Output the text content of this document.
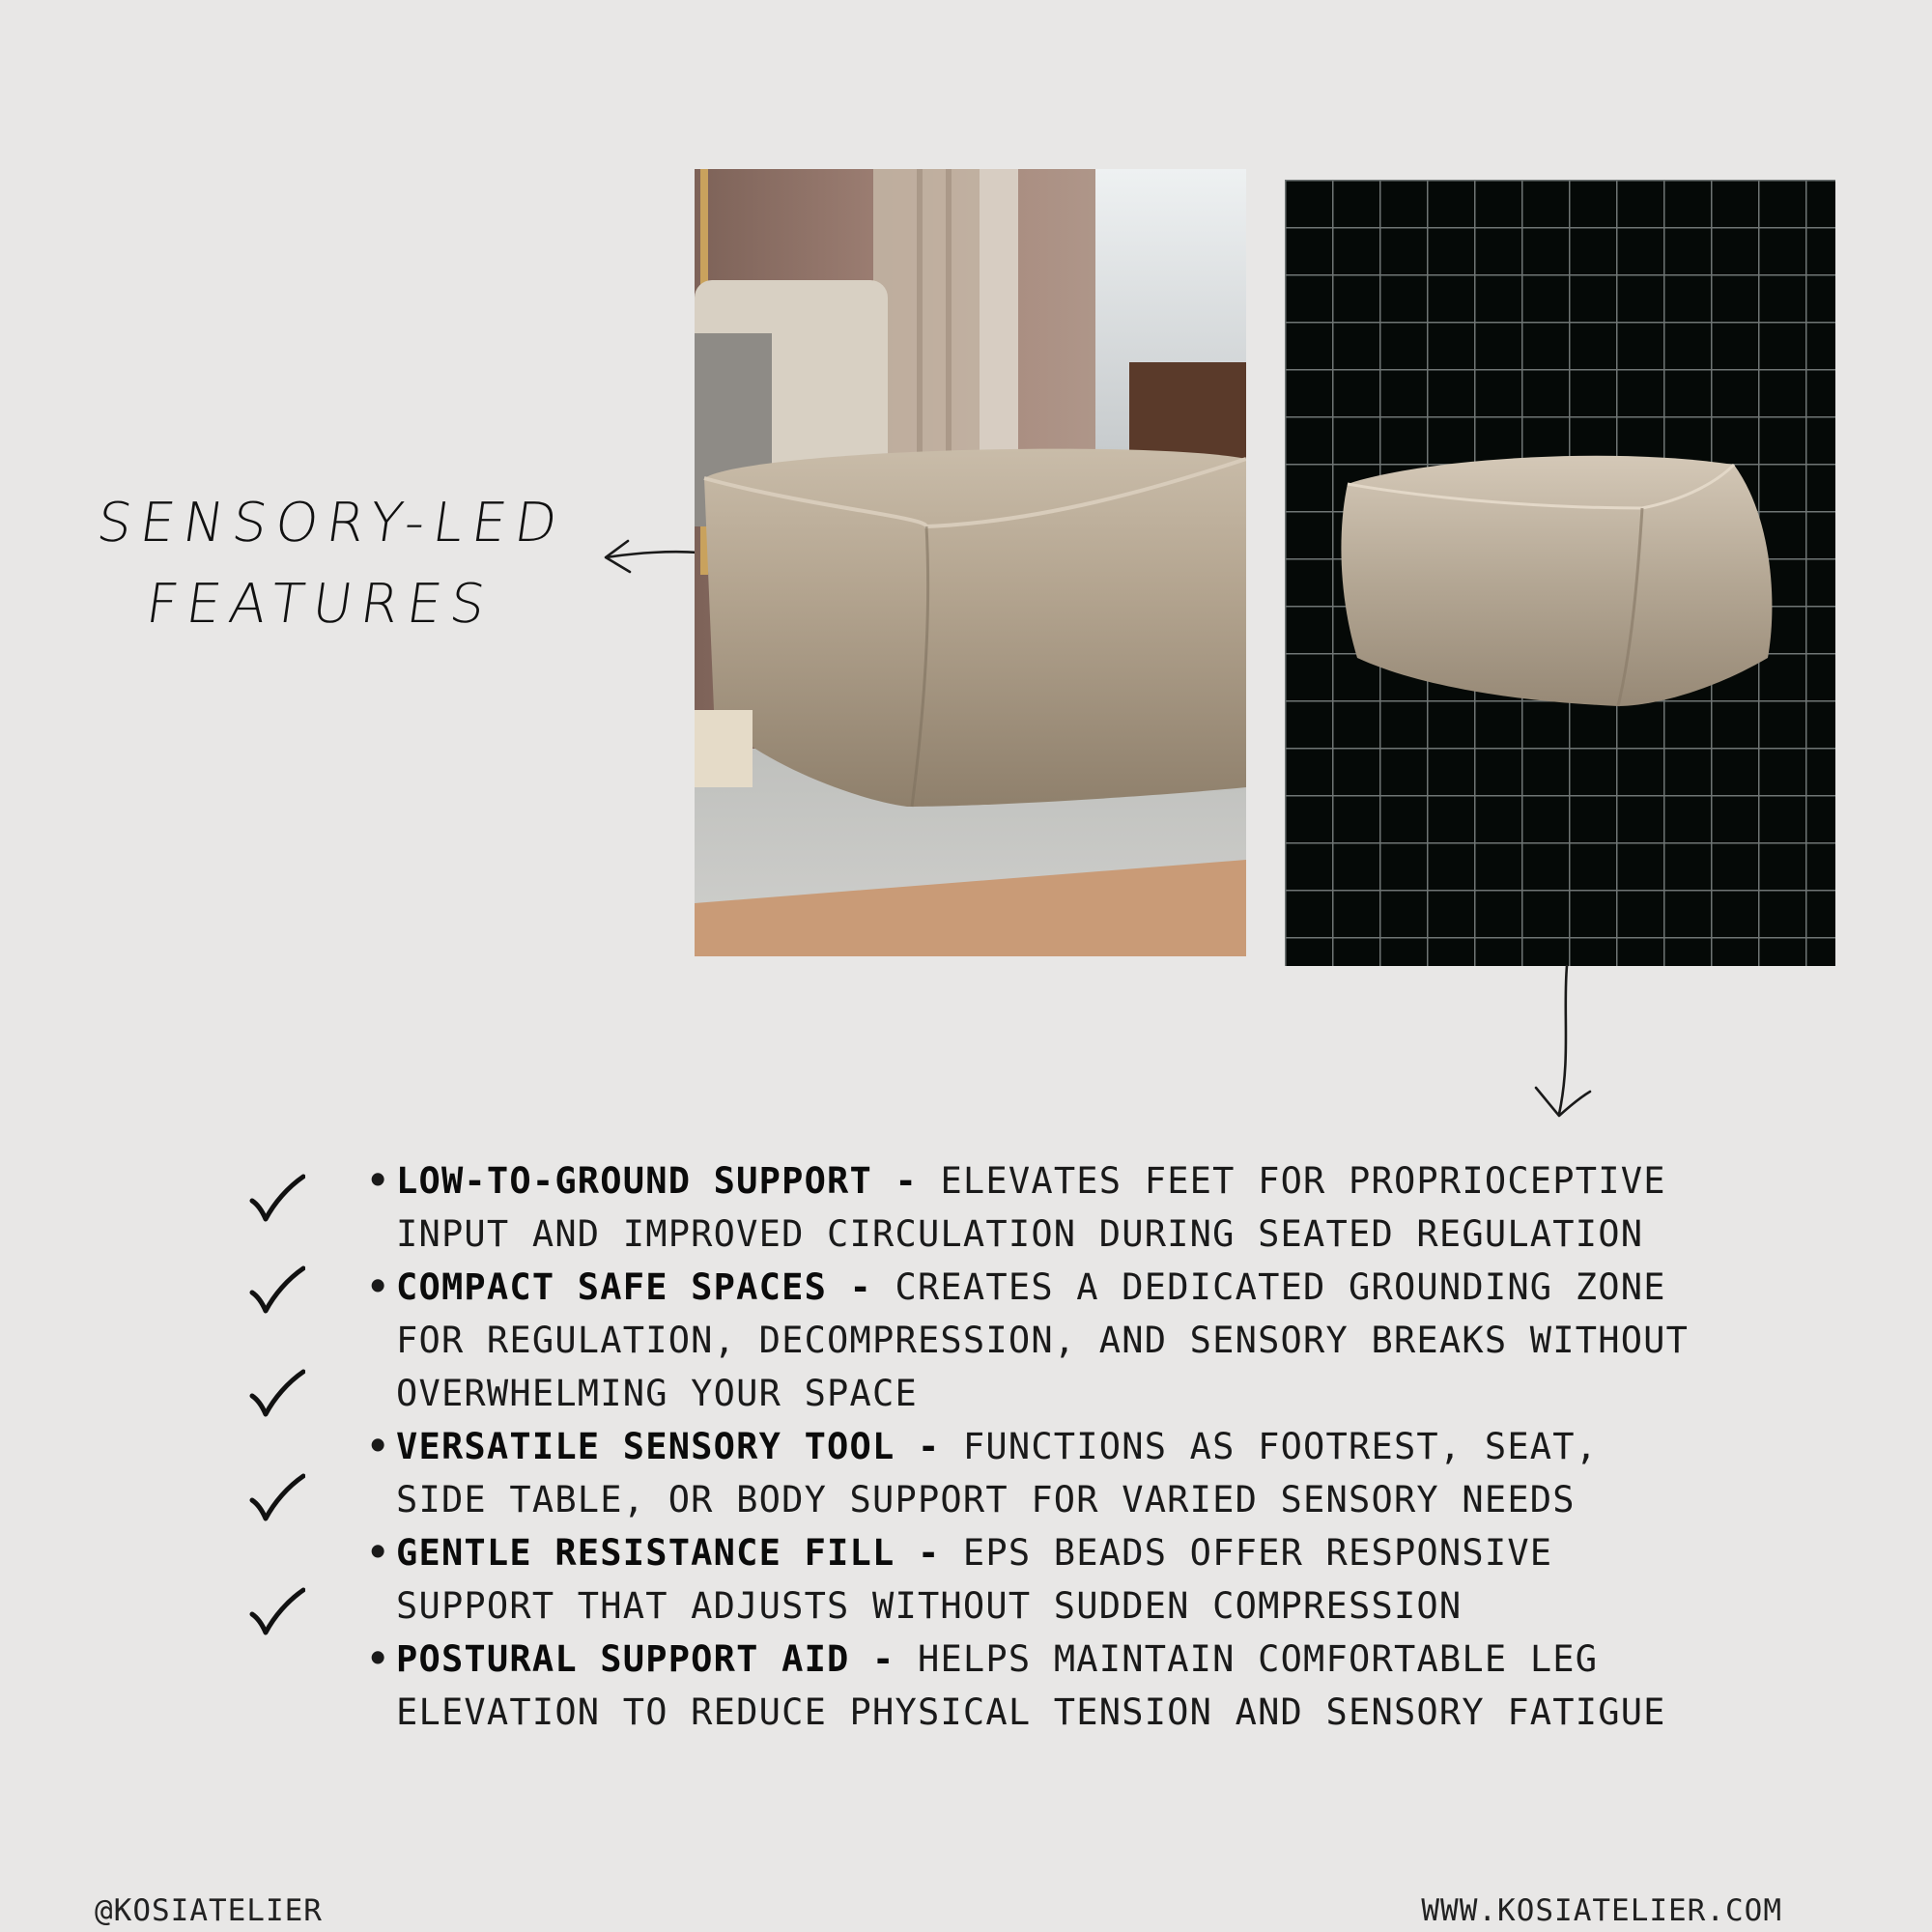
SENSORY-LED
FEATURES
• LOW-TO-GROUND SUPPORT - ELEVATES FEET FOR PROPRIOCEPTIVE
INPUT AND IMPROVED CIRCULATION DURING SEATED REGULATION
• COMPACT SAFE SPACES - CREATES A DEDICATED GROUNDING ZONE
FOR REGULATION, DECOMPRESSION, AND SENSORY BREAKS WITHOUT
OVERWHELMING YOUR SPACE
• VERSATILE SENSORY TOOL - FUNCTIONS AS FOOTREST, SEAT,
SIDE TABLE, OR BODY SUPPORT FOR VARIED SENSORY NEEDS
• GENTLE RESISTANCE FILL - EPS BEADS OFFER RESPONSIVE
SUPPORT THAT ADJUSTS WITHOUT SUDDEN COMPRESSION
• POSTURAL SUPPORT AID - HELPS MAINTAIN COMFORTABLE LEG
ELEVATION TO REDUCE PHYSICAL TENSION AND SENSORY FATIGUE
@KOSIATELIER	WWW.KOSIATELIER.COM
